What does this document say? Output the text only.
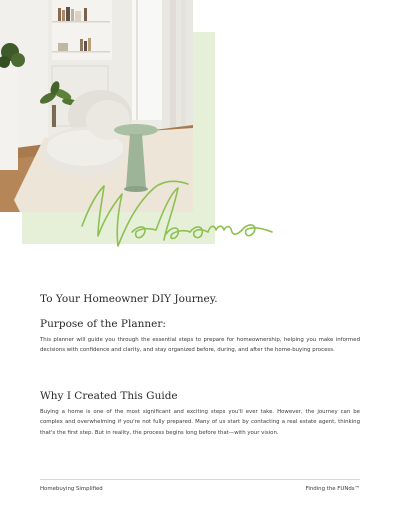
To Your Homeowner DIY Journey.
Purpose of the Planner:

This planner will guide you through the essential steps to prepare for homeownership, helping you make informed decisions with confidence and clarity, and stay organized before, during, and after the home-buying process.

Why I Created This Guide

Buying a home is one of the most significant and exciting steps you'll ever take. However, the journey can be complex and overwhelming if you're not fully prepared. Many of us start by contacting a real estate agent, thinking that's the first step. But in reality, the process begins long before that—with your vision.

Homebuying Simplified	Finding the FUNds™
